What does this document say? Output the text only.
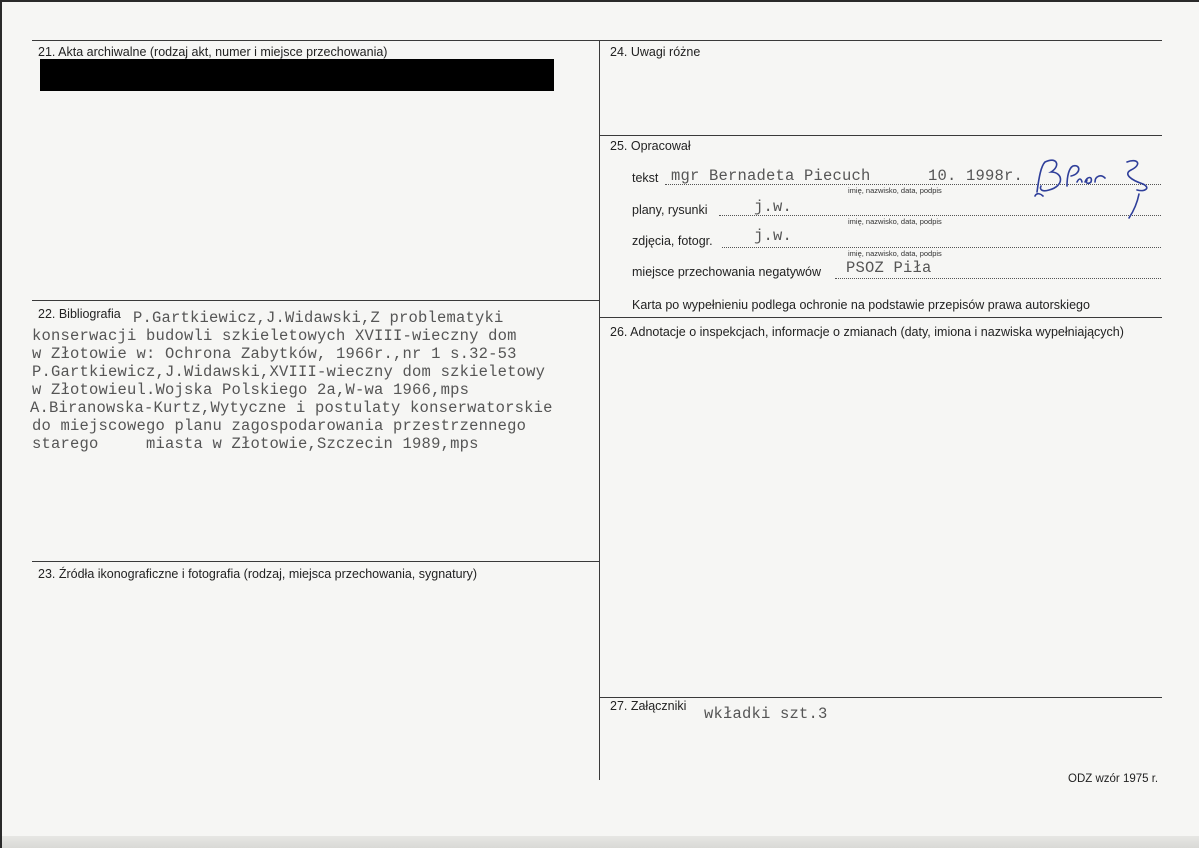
21. Akta archiwalne (rodzaj akt, numer i miejsce przechowania)
22. Bibliografia P.Gartkiewicz,J.Widawski,Z problematyki
konserwacji budowli szkieletowych XVIII-wieczny dom
w Złotowie w: Ochrona Zabytków, 1966r.,nr 1 s.32-53
P.Gartkiewicz,J.Widawski,XVIII-wieczny dom szkieletowy
w Złotowieul.Wojska Polskiego 2a,W-wa 1966,mps
A.Biranowska-Kurtz,Wytyczne i postulaty konserwatorskie
do miejscowego planu zagospodarowania przestrzennego
starego     miasta w Złotowie,Szczecin 1989,mps
23. Źródła ikonograficzne i fotografia (rodzaj, miejsca przechowania, sygnatury)
24. Uwagi różne
25. Opracował
tekst mgr Bernadeta Piecuch	10. 1998r.
imię, nazwisko, data, podpis
plany, rysunki	j.w.
imię, nazwisko, data, podpis
zdjęcia, fotogr.	j.w.
imię, nazwisko, data, podpis
miejsce przechowania negatywów PSOZ Piła
Karta po wypełnieniu podlega ochronie na podstawie przepisów prawa autorskiego
26. Adnotacje o inspekcjach, informacje o zmianach (daty, imiona i nazwiska wypełniających)
27. Załączniki wkładki szt.3
ODZ wzór 1975 r.
